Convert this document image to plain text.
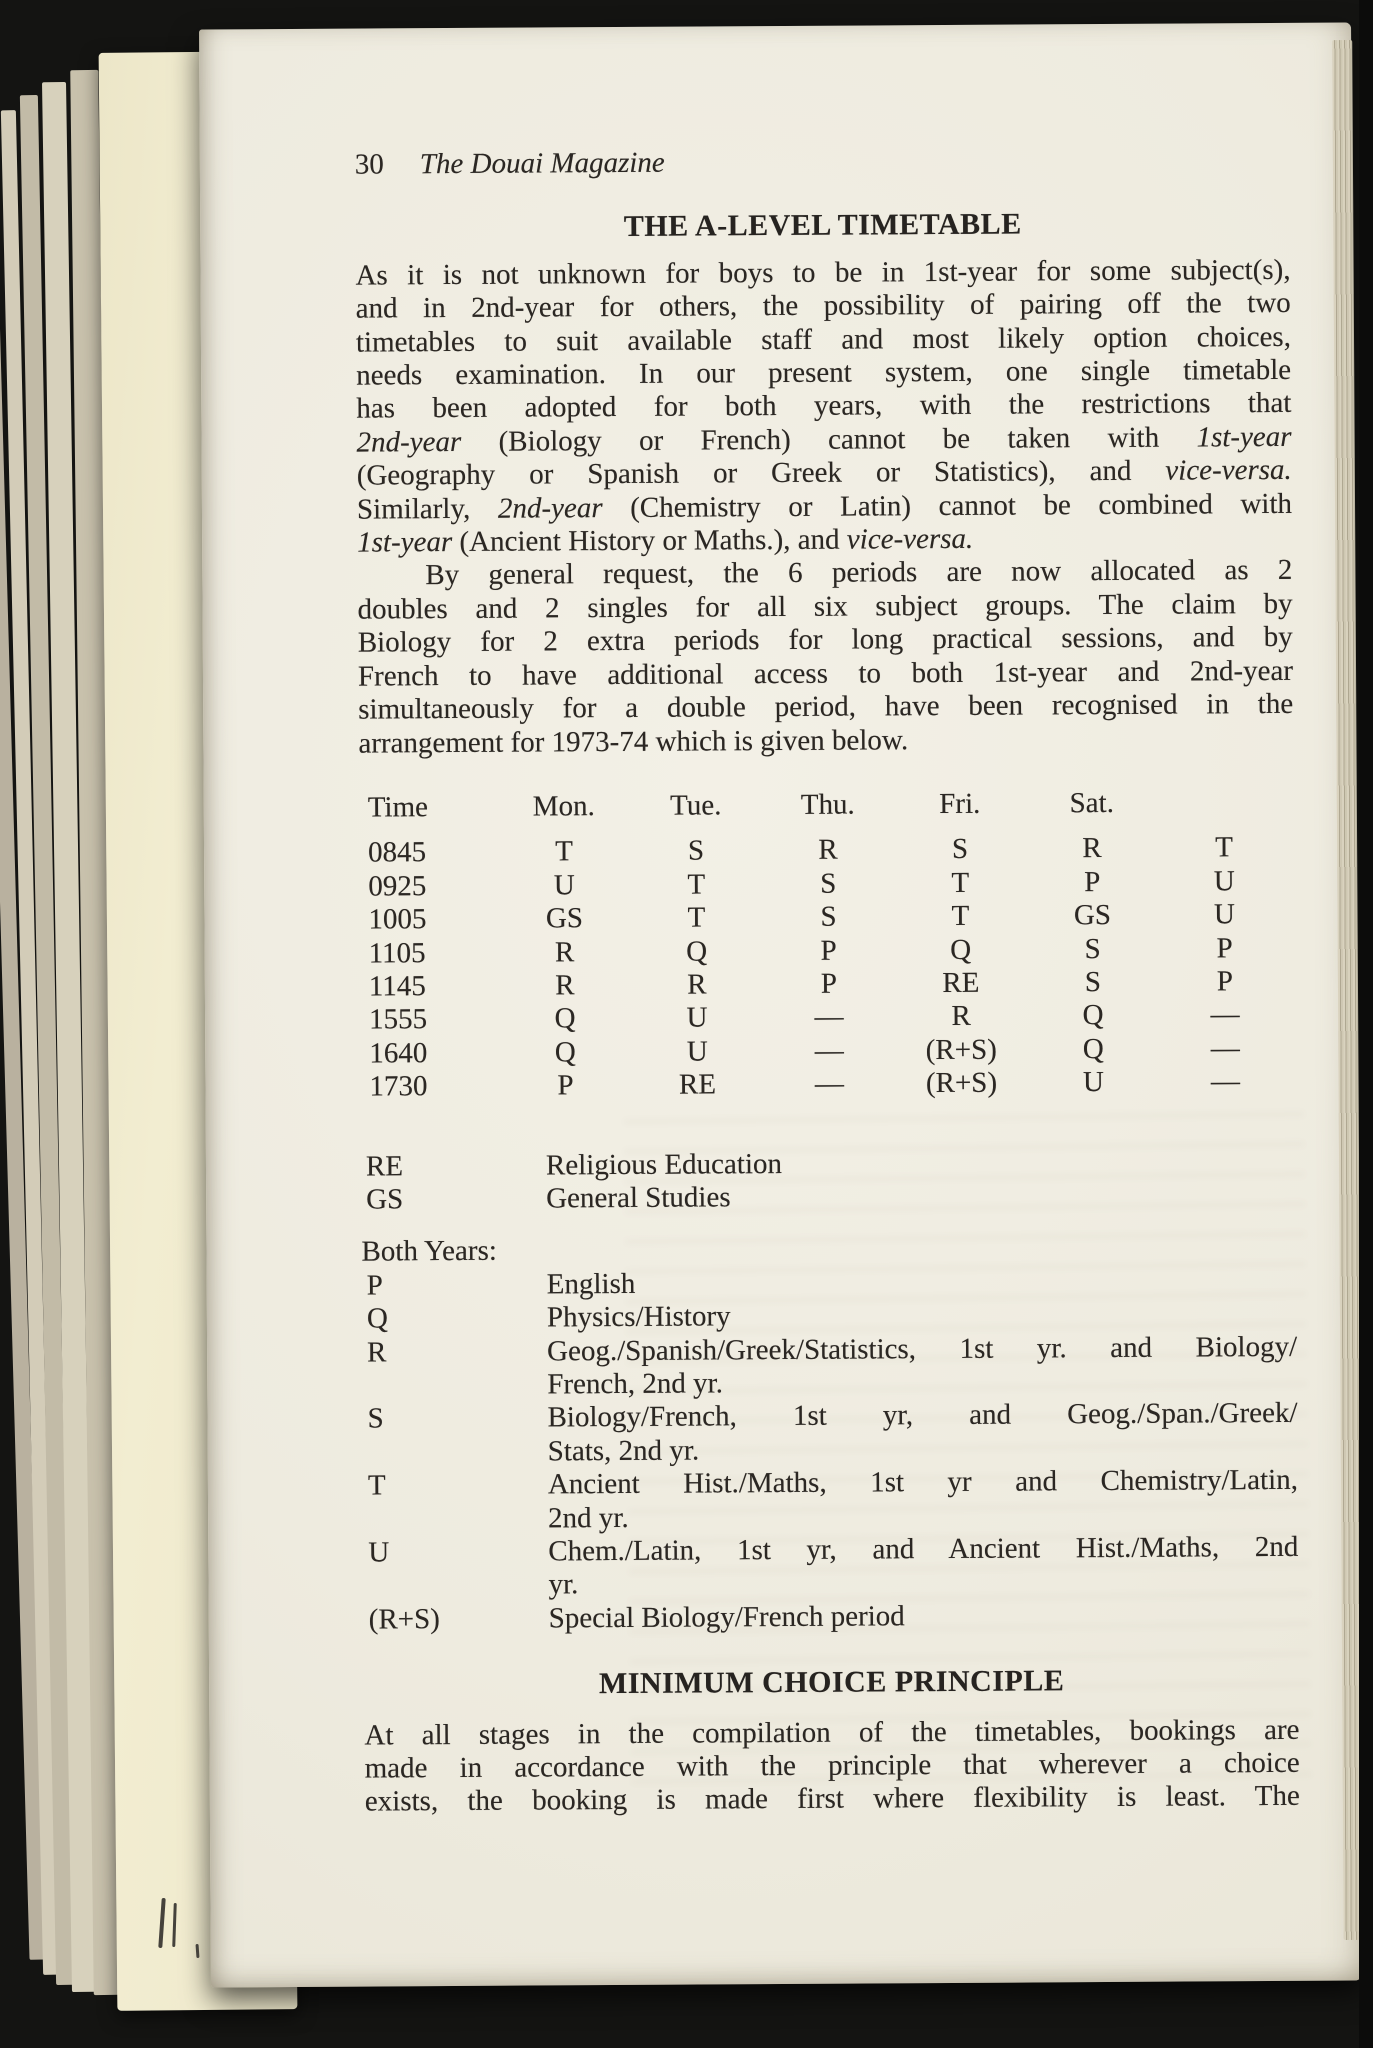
30	The Douai Magazine
THE A-LEVEL TIMETABLE
As it is not unknown for boys to be in 1st-year for some subject(s),
and in 2nd-year for others, the possibility of pairing off the two
timetables to suit available staff and most likely option choices,
needs examination. In our present system, one single timetable
has been adopted for both years, with the restrictions that
2nd-year (Biology or French) cannot be taken with 1st-year
(Geography or Spanish or Greek or Statistics), and vice-versa.
Similarly, 2nd-year (Chemistry or Latin) cannot be combined with
1st-year (Ancient History or Maths.), and vice-versa.
By general request, the 6 periods are now allocated as 2
doubles and 2 singles for all six subject groups. The claim by
Biology for 2 extra periods for long practical sessions, and by
French to have additional access to both 1st-year and 2nd-year
simultaneously for a double period, have been recognised in the
arrangement for 1973-74 which is given below.
Time	Mon.	Tue.	Thu.	Fri.	Sat.
0845	T	S	R	S	R	T
0925	U	T	S	T	P	U
1005	GS	T	S	T	GS	U
1105	R	Q	P	Q	S	P
1145	R	R	P	RE	S	P
1555	Q	U	—	R	Q	—
1640	Q	U	—	(R+S)	Q	—
1730	P	RE	—	(R+S)	U	—
RE	Religious Education
GS	General Studies
Both Years:
P	English
Q	Physics/History
R	Geog./Spanish/Greek/Statistics, 1st yr. and Biology/
French, 2nd yr.
S	Biology/French, 1st yr, and Geog./Span./Greek/
Stats, 2nd yr.
T	Ancient Hist./Maths, 1st yr and Chemistry/Latin,
2nd yr.
U	Chem./Latin, 1st yr, and Ancient Hist./Maths, 2nd
yr.
(R+S)	Special Biology/French period
MINIMUM CHOICE PRINCIPLE
At all stages in the compilation of the timetables, bookings are
made in accordance with the principle that wherever a choice
exists, the booking is made first where flexibility is least. The
